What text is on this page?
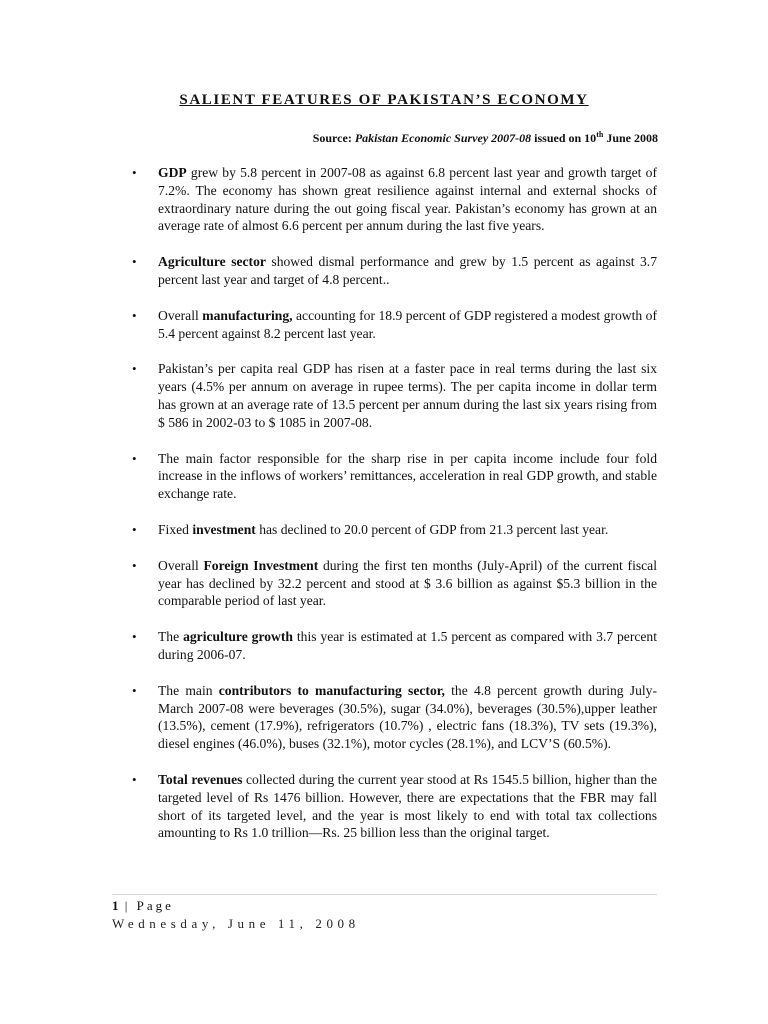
SALIENT FEATURES OF PAKISTAN’S ECONOMY
Source: Pakistan Economic Survey 2007-08 issued on 10th June 2008
• GDP grew by 5.8 percent in 2007-08 as against 6.8 percent last year and growth target of 7.2%. The economy has shown great resilience against internal and external shocks of extraordinary nature during the out going fiscal year. Pakistan’s economy has grown at an average rate of almost 6.6 percent per annum during the last five years.
• Agriculture sector showed dismal performance and grew by 1.5 percent as against 3.7 percent last year and target of 4.8 percent..
• Overall manufacturing, accounting for 18.9 percent of GDP registered a modest growth of 5.4 percent against 8.2 percent last year.
• Pakistan’s per capita real GDP has risen at a faster pace in real terms during the last six years (4.5% per annum on average in rupee terms). The per capita income in dollar term has grown at an average rate of 13.5 percent per annum during the last six years rising from $ 586 in 2002-03 to $ 1085 in 2007-08.
• The main factor responsible for the sharp rise in per capita income include four fold increase in the inflows of workers’ remittances, acceleration in real GDP growth, and stable exchange rate.
• Fixed investment has declined to 20.0 percent of GDP from 21.3 percent last year.
• Overall Foreign Investment during the first ten months (July-April) of the current fiscal year has declined by 32.2 percent and stood at $ 3.6 billion as against $5.3 billion in the comparable period of last year.
• The agriculture growth this year is estimated at 1.5 percent as compared with 3.7 percent during 2006-07.
• The main contributors to manufacturing sector, the 4.8 percent growth during July-March 2007-08 were beverages (30.5%), sugar (34.0%), beverages (30.5%),upper leather (13.5%), cement (17.9%), refrigerators (10.7%) , electric fans (18.3%), TV sets (19.3%), diesel engines (46.0%), buses (32.1%), motor cycles (28.1%), and LCV’S (60.5%).
• Total revenues collected during the current year stood at Rs 1545.5 billion, higher than the targeted level of Rs 1476 billion. However, there are expectations that the FBR may fall short of its targeted level, and the year is most likely to end with total tax collections amounting to Rs 1.0 trillion—Rs. 25 billion less than the original target.
1 | Page
Wednesday, June 11, 2008
